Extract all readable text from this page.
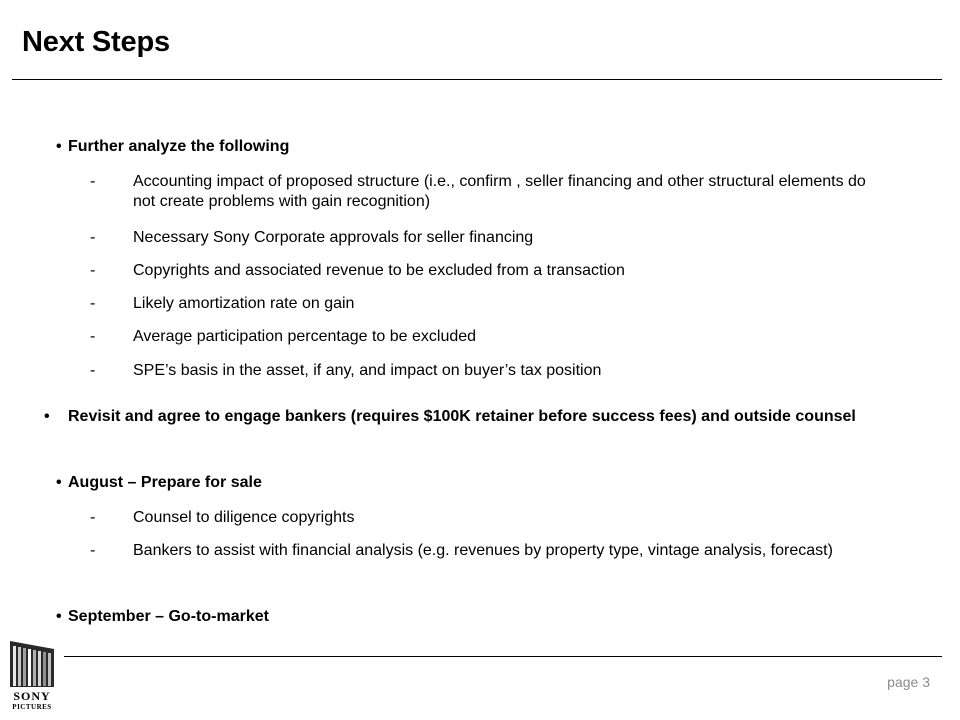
Next Steps
• Further analyze the following
- Accounting impact of proposed structure (i.e., confirm , seller financing and other structural elements do not create problems with gain recognition)
- Necessary Sony Corporate approvals for seller financing
- Copyrights and associated revenue to be excluded from a transaction
- Likely amortization rate on gain
- Average participation percentage to be excluded
- SPE’s basis in the asset, if any, and impact on buyer’s tax position
• Revisit and agree to engage bankers (requires $100K retainer before success fees) and outside counsel
• August – Prepare for sale
- Counsel to diligence copyrights
- Bankers to assist with financial analysis (e.g. revenues by property type, vintage analysis, forecast)
• September – Go-to-market
SONY
PICTURES
page 3
